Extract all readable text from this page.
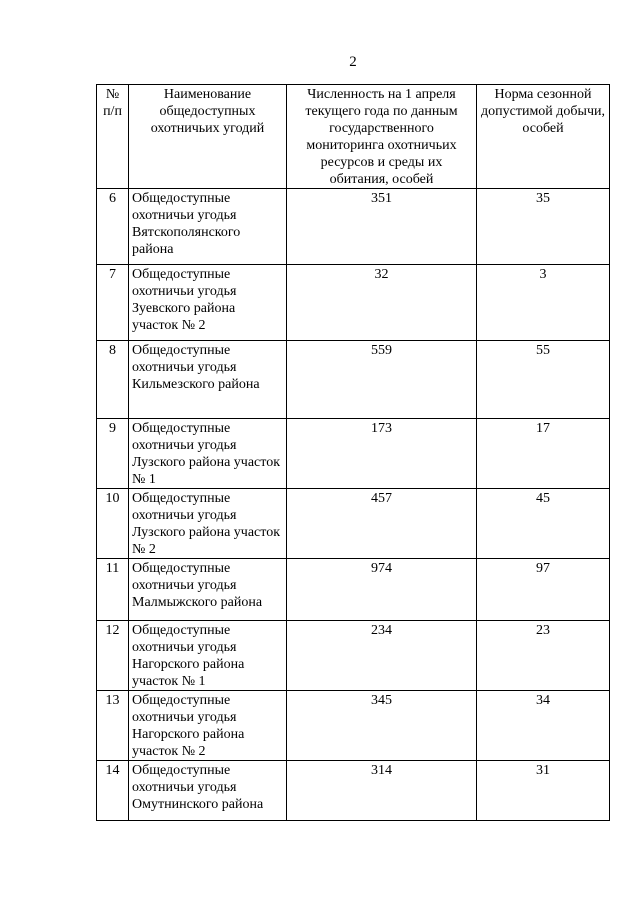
2
№ п/п	Наименование общедоступных охотничьих угодий	Численность на 1 апреля текущего года по данным государственного мониторинга охотничьих ресурсов и среды их обитания, особей	Норма сезонной допустимой добычи, особей
6	Общедоступные охотничьи угодья Вятскополянского района	351	35
7	Общедоступные охотничьи угодья Зуевского района участок № 2	32	3
8	Общедоступные охотничьи угодья Кильмезского района	559	55
9	Общедоступные охотничьи угодья Лузского района участок № 1	173	17
10	Общедоступные охотничьи угодья Лузского района участок № 2	457	45
11	Общедоступные охотничьи угодья Малмыжского района	974	97
12	Общедоступные охотничьи угодья Нагорского района участок № 1	234	23
13	Общедоступные охотничьи угодья Нагорского района участок № 2	345	34
14	Общедоступные охотничьи угодья Омутнинского района	314	31
